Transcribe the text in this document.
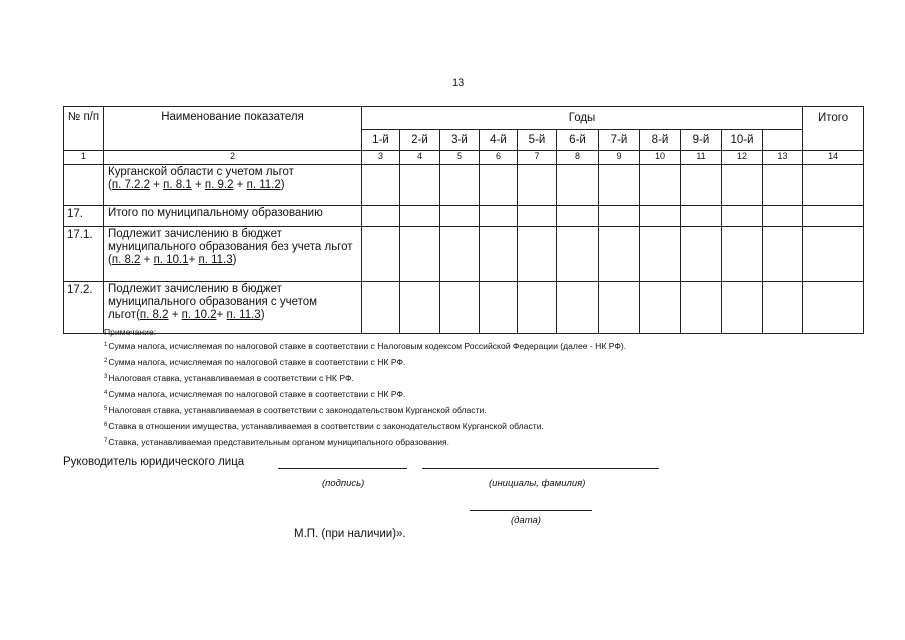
13
№ п/п	Наименование показателя	Годы											Итого
		1-й	2-й	3-й	4-й	5-й	6-й	7-й	8-й	9-й	10-й		
1	2	3	4	5	6	7	8	9	10	11	12	13	14
	Курганской области с учетом льгот
(п. 7.2.2 + п. 8.1 + п. 9.2 + п. 11.2)												
17.	Итого по муниципальному образованию												
17.1.	Подлежит зачислению в бюджет муниципального образования без учета льгот (п. 8.2 + п. 10.1+ п. 11.3)												
17.2.	Подлежит зачислению в бюджет муниципального образования с учетом льгот(п. 8.2 + п. 10.2+ п. 11.3)												
Примечание:
$^1$Сумма налога, исчисляемая по налоговой ставке в соответствии с Налоговым кодексом Российской Федерации (далее - НК РФ).
$^2$Сумма налога, исчисляемая по налоговой ставке в соответствии с НК РФ.
$^3$Налоговая ставка, устанавливаемая в соответствии с НК РФ.
$^4$Сумма налога, исчисляемая по налоговой ставке в соответствии с НК РФ.
$^5$Налоговая ставка, устанавливаемая в соответствии с законодательством Курганской области.
$^6$Ставка в отношении имущества, устанавливаемая в соответствии с законодательством Курганской области.
$^7$Ставка, устанавливаемая представительным органом муниципального образования.
Руководитель юридического лица
(подпись)	(инициалы, фамилия)
(дата)
М.П. (при наличии)».
